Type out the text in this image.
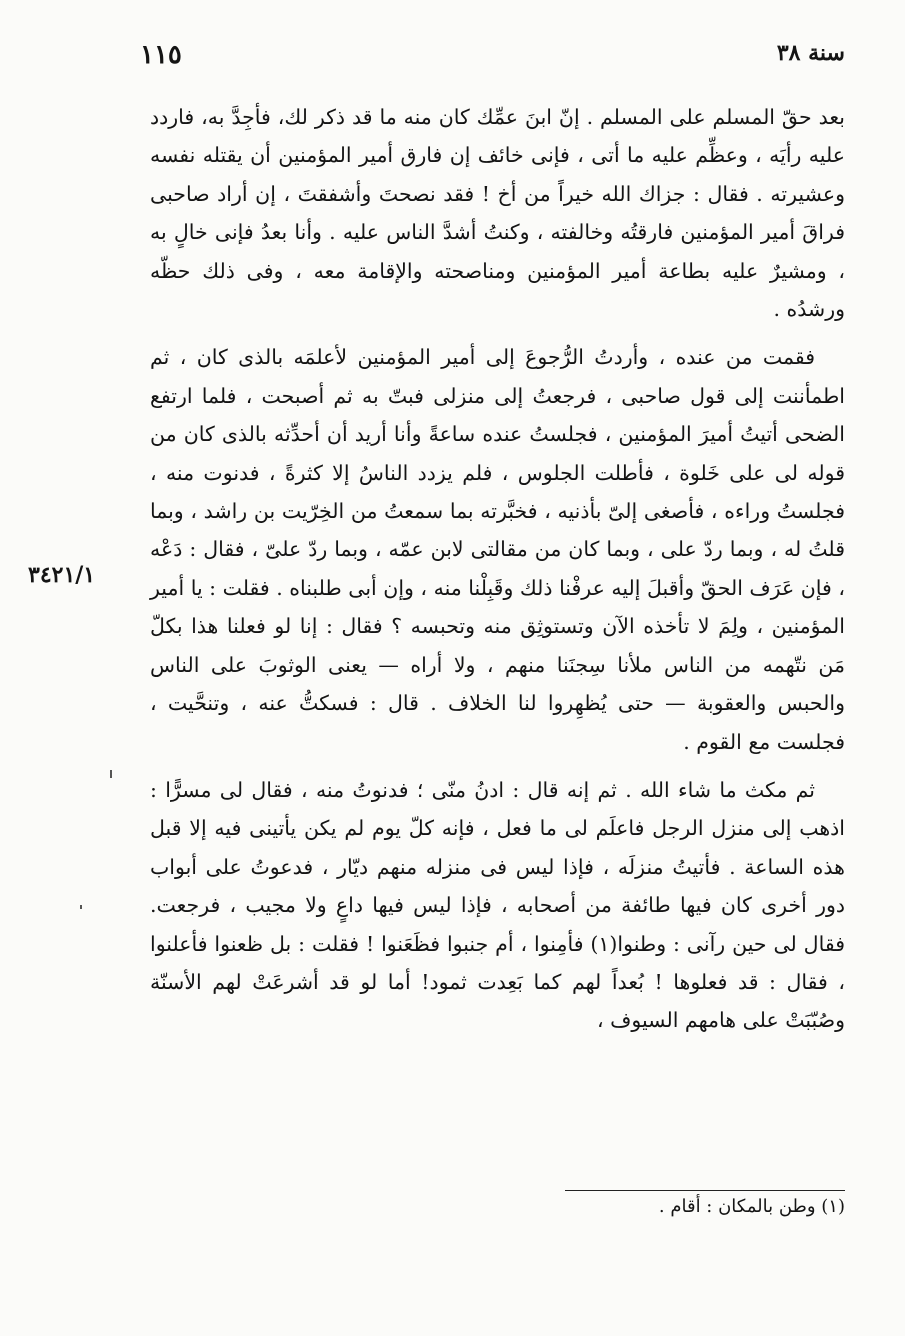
سنة ٣٨
١١٥

بعد حقّ المسلم على المسلم . إنّ ابنَ عمِّك كان منه ما قد ذكر لك، فأجِدَّ به، فاردد عليه رأيَه ، وعظِّم عليه ما أتى ، فإنى خائف إن فارق أمير المؤمنين أن يقتله نفسه وعشيرته . فقال : جزاك الله خيراً من أخ ! فقد نصحتَ وأشفقتَ ، إن أراد صاحبى فراقَ أمير المؤمنين فارقتُه وخالفته ، وكنتُ أشدَّ الناس عليه . وأنا بعدُ فإنى خالٍ به ، ومشيرٌ عليه بطاعة أمير المؤمنين ومناصحته والإقامة معه ، وفى ذلك حظّه ورشدُه .

فقمت من عنده ، وأردتُ الرُّجوعَ إلى أمير المؤمنين لأعلمَه بالذى كان ، ثم اطمأننت إلى قول صاحبى ، فرجعتُ إلى منزلى فبتّ به ثم أصبحت ، فلما ارتفع الضحى أتيتُ أميرَ المؤمنين ، فجلستُ عنده ساعةً وأنا أريد أن أحدِّثه بالذى كان من قوله لى على خَلوة ، فأطلت الجلوس ، فلم يزدد الناسُ إلا كثرةً ، فدنوت منه ، فجلستُ وراءه ، فأصغى إلىّ بأذنيه ، فخبَّرته بما سمعتُ من الخِرّيت بن راشد ، وبما قلتُ له ، وبما ردّ على ، وبما كان من مقالتى لابن عمّه ، وبما ردّ علىّ ، فقال : دَعْه ، فإن عَرَف الحقّ وأقبلَ إليه عرفْنا ذلك وقَبِلْنا منه ، وإن أبى طلبناه . فقلت : يا أمير المؤمنين ، ولِمَ لا تأخذه الآن وتستوثِق منه وتحبسه ؟ فقال : إنا لو فعلنا هذا بكلّ مَن نتّهمه من الناس ملأنا سِجنَنا منهم ، ولا أراه — يعنى الوثوبَ على الناس والحبس والعقوبة — حتى يُظهِروا لنا الخلاف . قال : فسكتُّ عنه ، وتنحَّيت ، فجلست مع القوم .

ثم مكث ما شاء الله . ثم إنه قال : ادنُ منّى ؛ فدنوتُ منه ، فقال لى مسرًّا : اذهب إلى منزل الرجل فاعلَم لى ما فعل ، فإنه كلّ يوم لم يكن يأتينى فيه إلا قبل هذه الساعة . فأتيتُ منزلَه ، فإذا ليس فى منزله منهم ديّار ، فدعوتُ على أبواب دور أخرى كان فيها طائفة من أصحابه ، فإذا ليس فيها داعٍ ولا مجيب ، فرجعت. فقال لى حين رآنى : وطنوا(١) فأمِنوا ، أم جنبوا فظَعَنوا ! فقلت : بل ظعنوا فأعلنوا ، فقال : قد فعلوها ! بُعداً لهم كما بَعِدت ثمود! أما لو قد أشرعَتْ لهم الأسنّة وصُبّبَتْ على هامهم السيوف ،

٣٤٢١/١
(١) وطن بالمكان : أقام .
